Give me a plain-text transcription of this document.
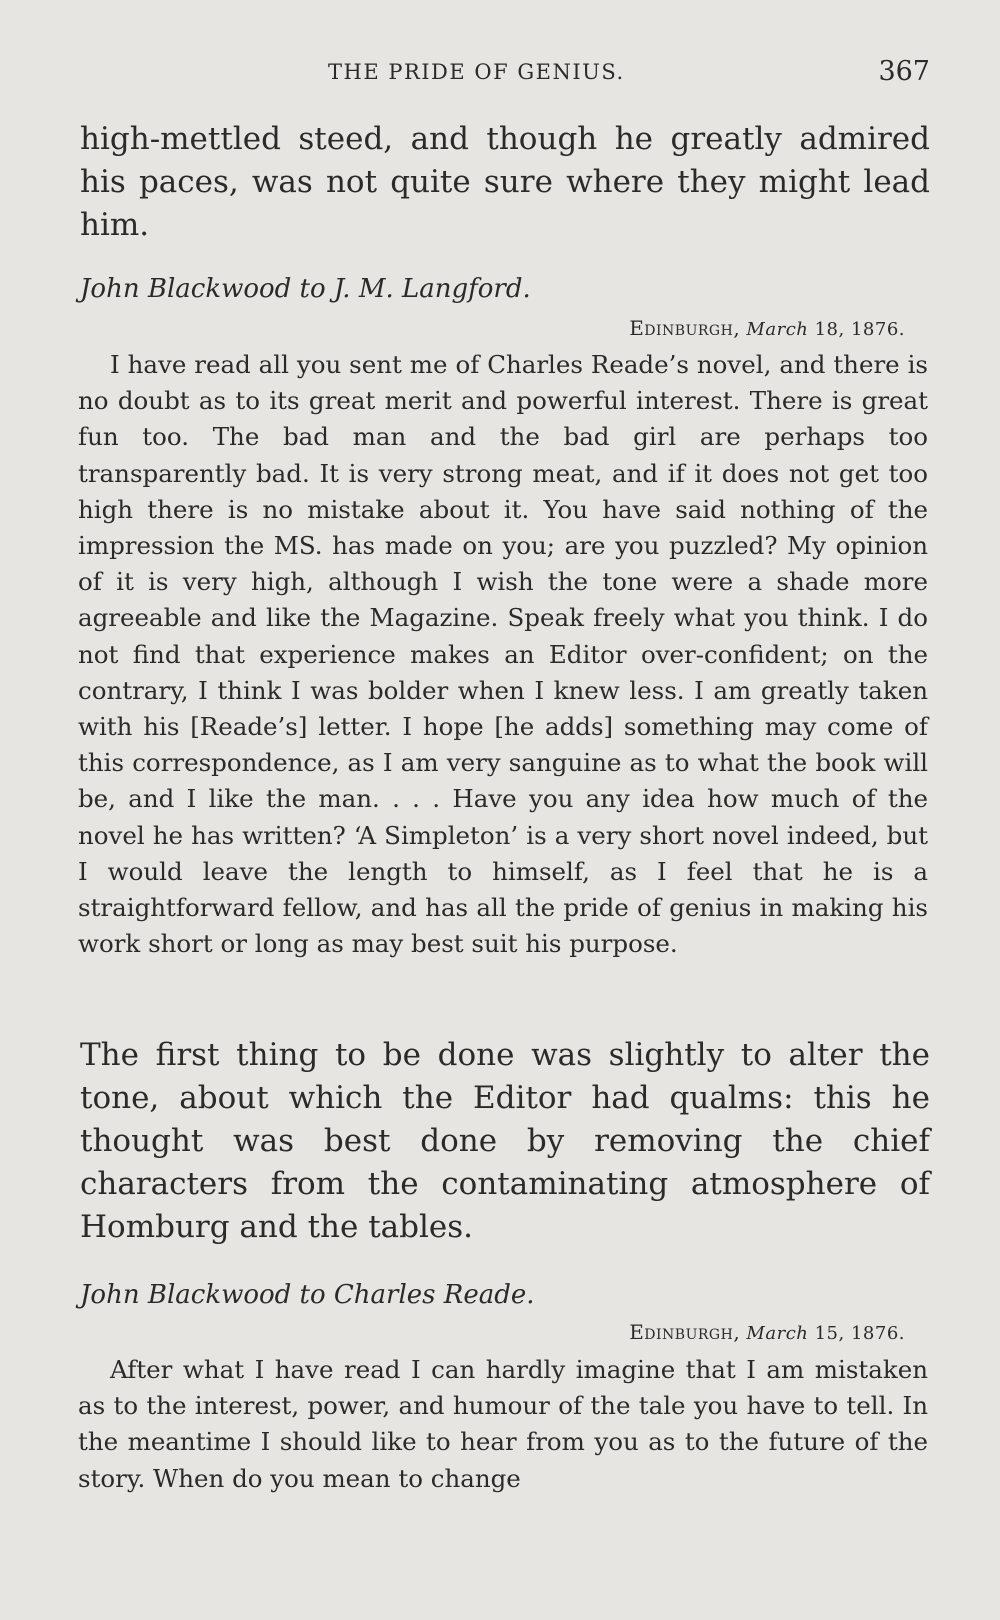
THE PRIDE OF GENIUS.	367

high-mettled steed, and though he greatly admired his paces, was not quite sure where they might lead him.

John Blackwood to J. M. Langford.

Edinburgh, March 18, 1876.

I have read all you sent me of Charles Reade’s novel, and there is no doubt as to its great merit and powerful interest. There is great fun too. The bad man and the bad girl are perhaps too transparently bad. It is very strong meat, and if it does not get too high there is no mistake about it. You have said nothing of the impression the MS. has made on you; are you puzzled? My opinion of it is very high, although I wish the tone were a shade more agreeable and like the Magazine. Speak freely what you think. I do not find that experience makes an Editor over-confident; on the contrary, I think I was bolder when I knew less. I am greatly taken with his [Reade’s] letter. I hope [he adds] something may come of this correspondence, as I am very sanguine as to what the book will be, and I like the man. . . . Have you any idea how much of the novel he has written? ‘A Simpleton’ is a very short novel indeed, but I would leave the length to himself, as I feel that he is a straightforward fellow, and has all the pride of genius in making his work short or long as may best suit his purpose.

The first thing to be done was slightly to alter the tone, about which the Editor had qualms: this he thought was best done by removing the chief characters from the contaminating atmosphere of Homburg and the tables.

John Blackwood to Charles Reade.

Edinburgh, March 15, 1876.

After what I have read I can hardly imagine that I am mistaken as to the interest, power, and humour of the tale you have to tell. In the meantime I should like to hear from you as to the future of the story. When do you mean to change
